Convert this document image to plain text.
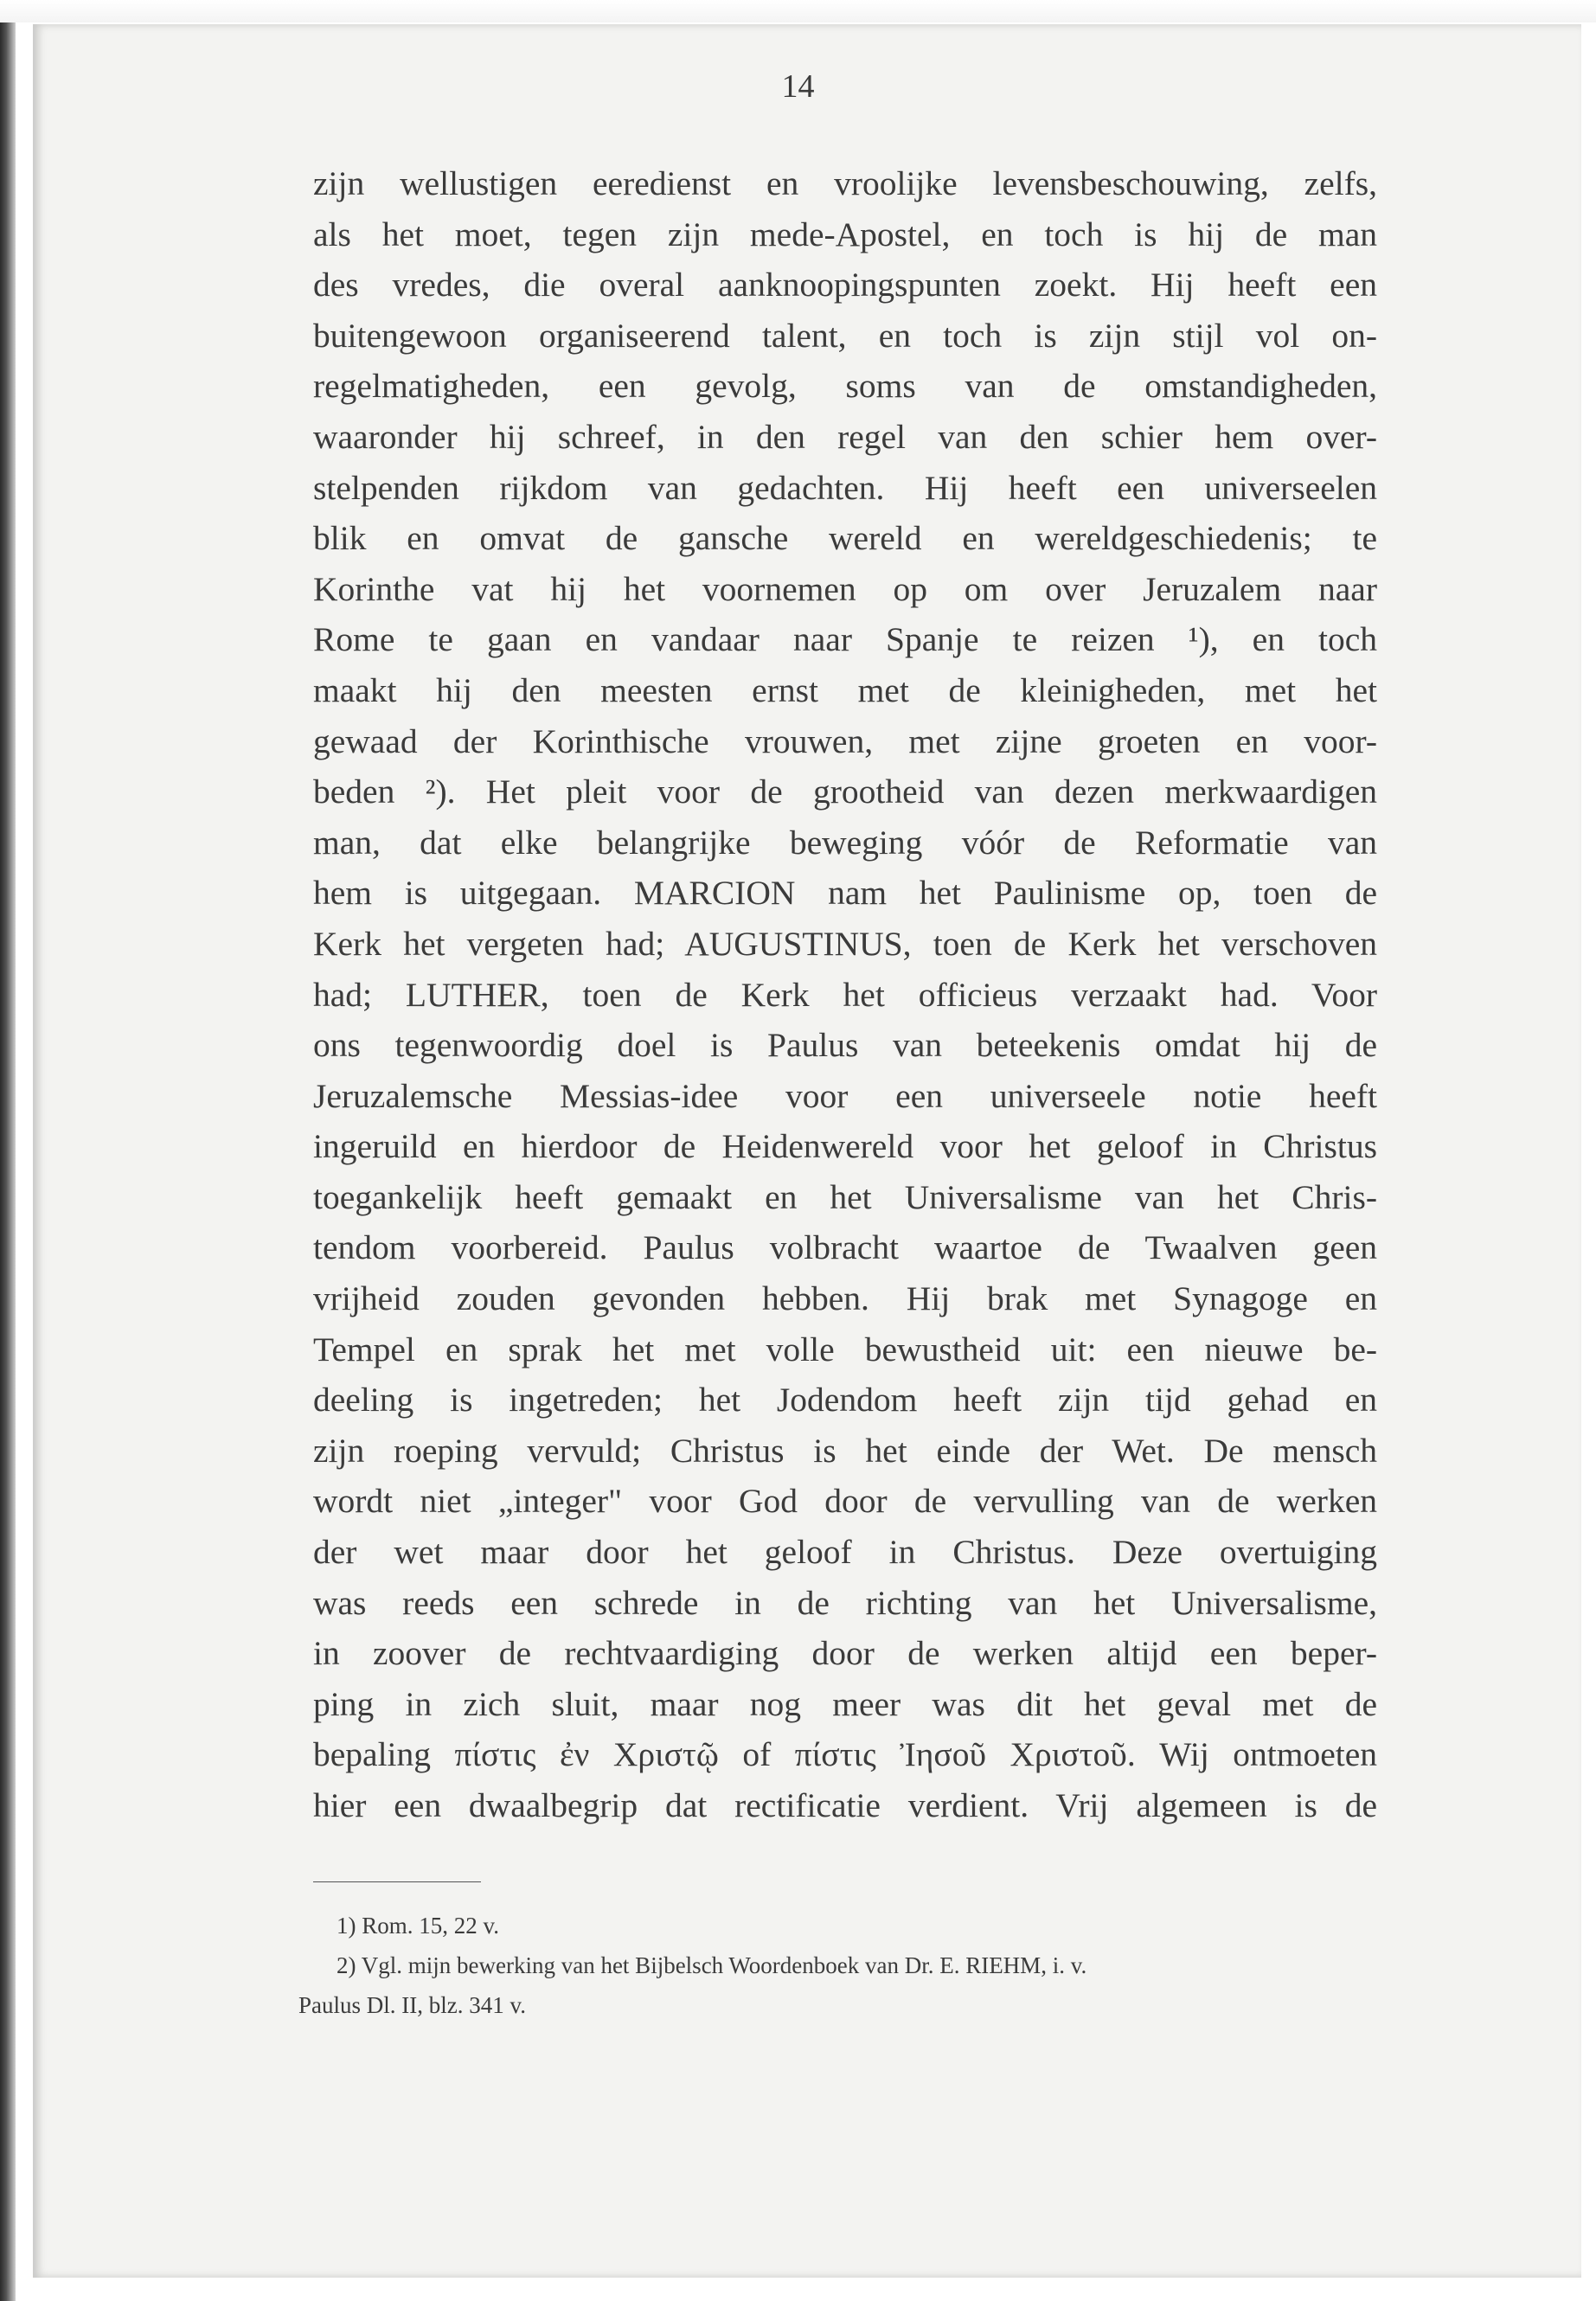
14
zijn wellustigen eeredienst en vroolijke levensbeschouwing, zelfs,
als het moet, tegen zijn mede-Apostel, en toch is hij de man
des vredes, die overal aanknoopingspunten zoekt. Hij heeft een
buitengewoon organiseerend talent, en toch is zijn stijl vol on-
regelmatigheden, een gevolg, soms van de omstandigheden,
waaronder hij schreef, in den regel van den schier hem over-
stelpenden rijkdom van gedachten. Hij heeft een universeelen
blik en omvat de gansche wereld en wereldgeschiedenis; te
Korinthe vat hij het voornemen op om over Jeruzalem naar
Rome te gaan en vandaar naar Spanje te reizen ¹), en toch
maakt hij den meesten ernst met de kleinigheden, met het
gewaad der Korinthische vrouwen, met zijne groeten en voor-
beden ²). Het pleit voor de grootheid van dezen merkwaardigen
man, dat elke belangrijke beweging vóór de Reformatie van
hem is uitgegaan. MARCION nam het Paulinisme op, toen de
Kerk het vergeten had; AUGUSTINUS, toen de Kerk het verschoven
had; LUTHER, toen de Kerk het officieus verzaakt had. Voor
ons tegenwoordig doel is Paulus van beteekenis omdat hij de
Jeruzalemsche Messias-idee voor een universeele notie heeft
ingeruild en hierdoor de Heidenwereld voor het geloof in Christus
toegankelijk heeft gemaakt en het Universalisme van het Chris-
tendom voorbereid. Paulus volbracht waartoe de Twaalven geen
vrijheid zouden gevonden hebben. Hij brak met Synagoge en
Tempel en sprak het met volle bewustheid uit: een nieuwe be-
deeling is ingetreden; het Jodendom heeft zijn tijd gehad en
zijn roeping vervuld; Christus is het einde der Wet. De mensch
wordt niet „integer" voor God door de vervulling van de werken
der wet maar door het geloof in Christus. Deze overtuiging
was reeds een schrede in de richting van het Universalisme,
in zoover de rechtvaardiging door de werken altijd een beper-
ping in zich sluit, maar nog meer was dit het geval met de
bepaling πίστις ἐν Χριστῷ of πίστις Ἰησοῦ Χριστοῦ. Wij ontmoeten
hier een dwaalbegrip dat rectificatie verdient. Vrij algemeen is de
1) Rom. 15, 22 v.
2) Vgl. mijn bewerking van het Bijbelsch Woordenboek van Dr. E. RIEHM, i. v.
Paulus Dl. II, blz. 341 v.
